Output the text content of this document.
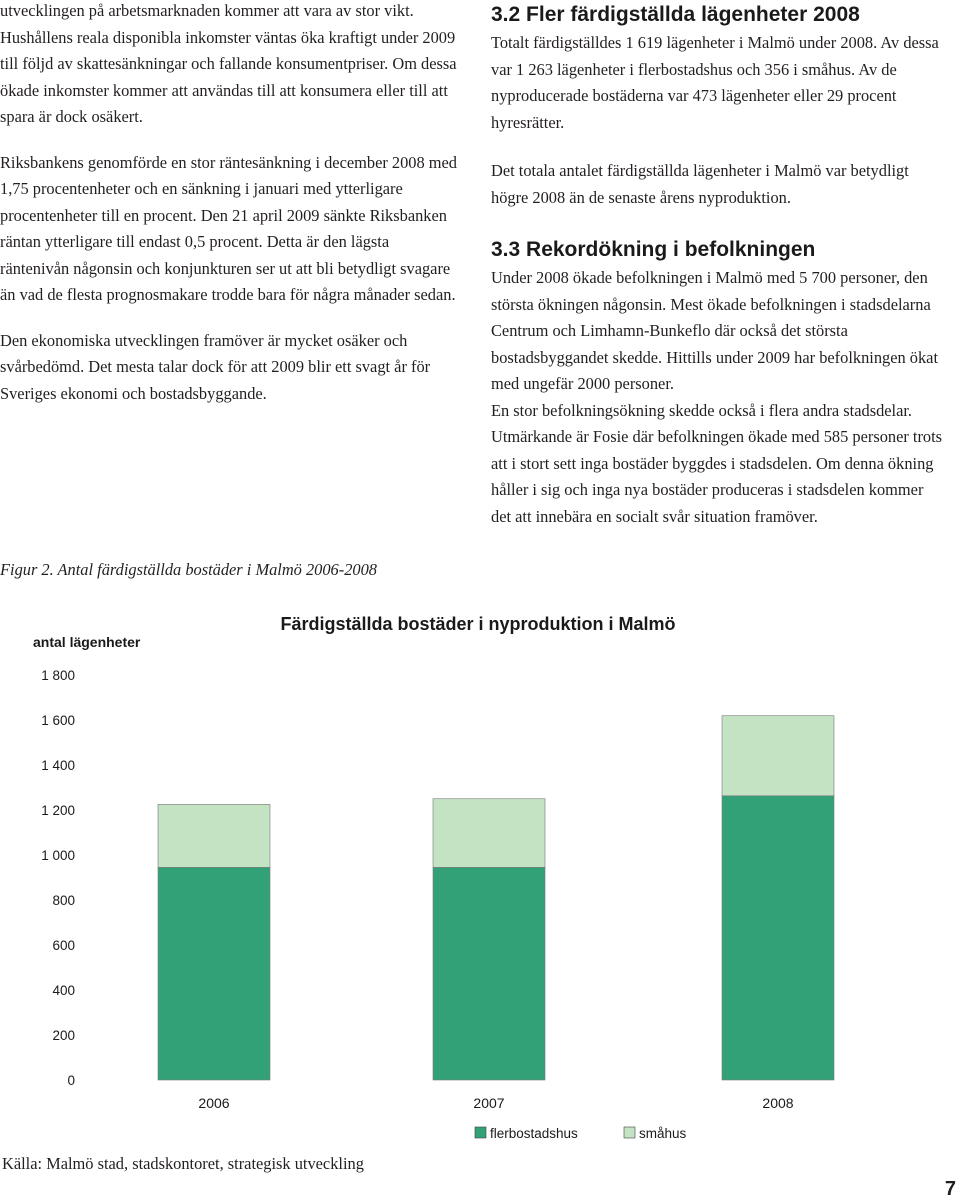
utvecklingen på arbetsmarknaden kommer att vara av stor vikt. Hushållens reala disponibla inkomster väntas öka kraftigt under 2009 till följd av skattesänkningar och fallande konsumentpriser. Om dessa ökade inkomster kommer att användas till att konsumera eller till att spara är dock osäkert.

Riksbankens genomförde en stor räntesänkning i december 2008 med 1,75 procentenheter och en sänkning i januari med ytterligare procentenheter till en procent. Den 21 april 2009 sänkte Riksbanken räntan ytterligare till endast 0,5 procent. Detta är den lägsta räntenivån någonsin och konjunkturen ser ut att bli betydligt svagare än vad de flesta prognosmakare trodde bara för några månader sedan.

Den ekonomiska utvecklingen framöver är mycket osäker och svårbedömd. Det mesta talar dock för att 2009 blir ett svagt år för Sveriges ekonomi och bostadsbyggande.

Figur 2. Antal färdigställda bostäder i Malmö 2006-2008
3.2 Fler färdigställda lägenheter 2008

Totalt färdigställdes 1 619 lägenheter i Malmö under 2008. Av dessa var 1 263 lägenheter i flerbostadshus och 356 i småhus. Av de nyproducerade bostäderna var 473 lägenheter eller 29 procent hyresrätter.

Det totala antalet färdigställda lägenheter i Malmö var betydligt högre 2008 än de senaste årens nyproduktion.

3.3 Rekordökning i befolkningen

Under 2008 ökade befolkningen i Malmö med 5 700 personer, den största ökningen någonsin. Mest ökade befolkningen i stadsdelarna Centrum och Limhamn-Bunkeflo där också det största bostadsbyggandet skedde. Hittills under 2009 har befolkningen ökat med ungefär 2000 personer.

En stor befolkningsökning skedde också i flera andra stadsdelar. Utmärkande är Fosie där befolkningen ökade med 585 personer trots att i stort sett inga bostäder byggdes i stadsdelen. Om denna ökning håller i sig och inga nya bostäder produceras i stadsdelen kommer det att innebära en socialt svår situation framöver.

Färdigställda bostäder i nyproduktion i Malmö
antal lägenheter
0
200
400
600
800
1 000
1 200
1 400
1 600
1 800
2006	2007	2008
flerbostadshus	småhus
Källa: Malmö stad, stadskontoret, strategisk utveckling
7
